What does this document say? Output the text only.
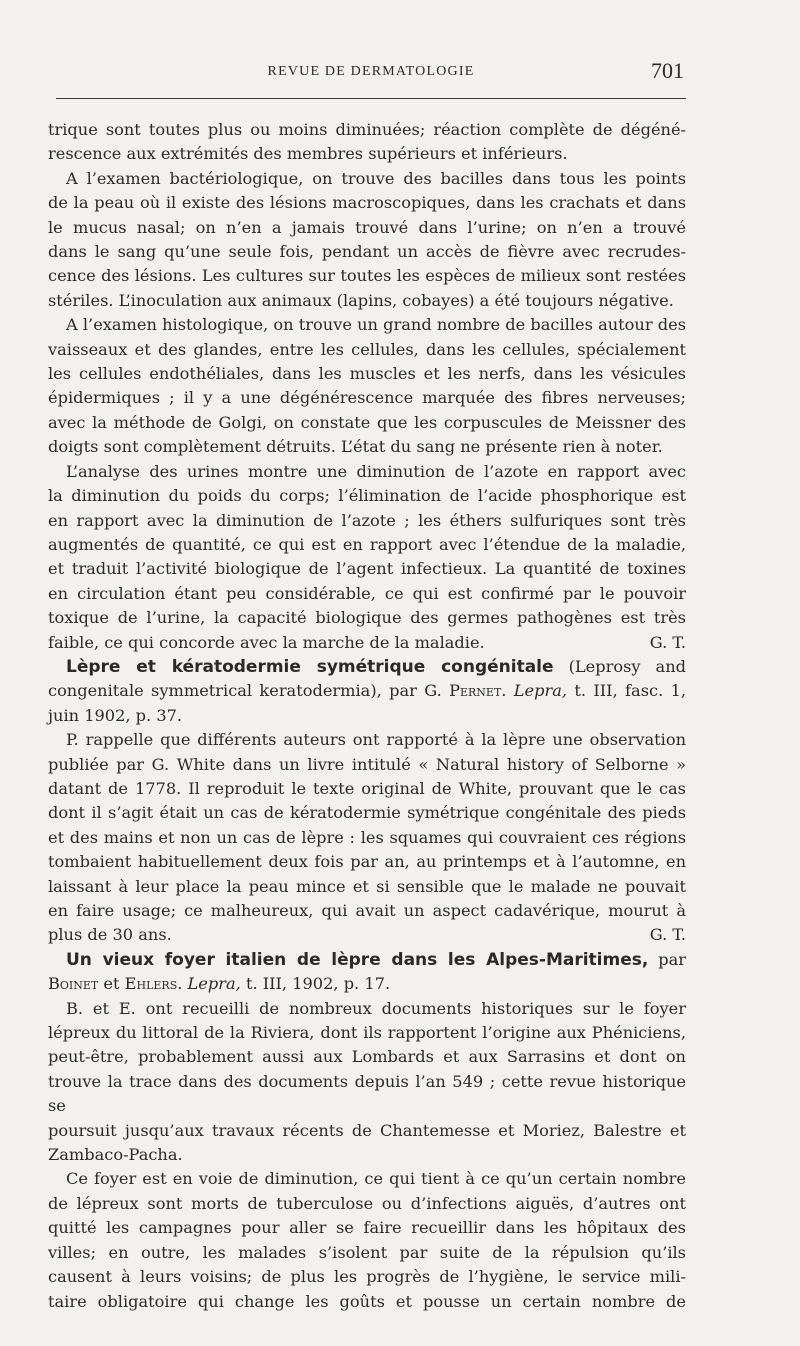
REVUE DE DERMATOLOGIE	701

trique sont toutes plus ou moins diminuées; réaction complète de dégéné-

rescence aux extrémités des membres supérieurs et inférieurs.

A l’examen bactériologique, on trouve des bacilles dans tous les points

de la peau où il existe des lésions macroscopiques, dans les crachats et dans

le mucus nasal; on n’en a jamais trouvé dans l’urine; on n’en a trouvé

dans le sang qu’une seule fois, pendant un accès de fièvre avec recrudes-

cence des lésions. Les cultures sur toutes les espèces de milieux sont restées

stériles. L’inoculation aux animaux (lapins, cobayes) a été toujours négative.

A l’examen histologique, on trouve un grand nombre de bacilles autour des

vaisseaux et des glandes, entre les cellules, dans les cellules, spécialement

les cellules endothéliales, dans les muscles et les nerfs, dans les vésicules

épidermiques ; il y a une dégénérescence marquée des fibres nerveuses;

avec la méthode de Golgi, on constate que les corpuscules de Meissner des

doigts sont complètement détruits. L’état du sang ne présente rien à noter.

L’analyse des urines montre une diminution de l’azote en rapport avec

la diminution du poids du corps; l’élimination de l’acide phosphorique est

en rapport avec la diminution de l’azote ; les éthers sulfuriques sont très

augmentés de quantité, ce qui est en rapport avec l’étendue de la maladie,

et traduit l’activité biologique de l’agent infectieux. La quantité de toxines

en circulation étant peu considérable, ce qui est confirmé par le pouvoir

toxique de l’urine, la capacité biologique des germes pathogènes est très

faible, ce qui concorde avec la marche de la maladie.	G. T.

Lèpre et kératodermie symétrique congénitale (Leprosy and

congenitale symmetrical keratodermia), par G. Pernet. Lepra, t. III, fasc. 1,

juin 1902, p. 37.

P. rappelle que différents auteurs ont rapporté à la lèpre une observation

publiée par G. White dans un livre intitulé « Natural history of Selborne »

datant de 1778. Il reproduit le texte original de White, prouvant que le cas

dont il s’agit était un cas de kératodermie symétrique congénitale des pieds

et des mains et non un cas de lèpre : les squames qui couvraient ces régions

tombaient habituellement deux fois par an, au printemps et à l’automne, en

laissant à leur place la peau mince et si sensible que le malade ne pouvait

en faire usage; ce malheureux, qui avait un aspect cadavérique, mourut à

plus de 30 ans.	G. T.

Un vieux foyer italien de lèpre dans les Alpes-Maritimes, par

Boinet et Ehlers. Lepra, t. III, 1902, p. 17.

B. et E. ont recueilli de nombreux documents historiques sur le foyer

lépreux du littoral de la Riviera, dont ils rapportent l’origine aux Phéniciens,

peut-être, probablement aussi aux Lombards et aux Sarrasins et dont on

trouve la trace dans des documents depuis l’an 549 ; cette revue historique se

poursuit jusqu’aux travaux récents de Chantemesse et Moriez, Balestre et

Zambaco-Pacha.

Ce foyer est en voie de diminution, ce qui tient à ce qu’un certain nombre

de lépreux sont morts de tuberculose ou d’infections aiguës, d’autres ont

quitté les campagnes pour aller se faire recueillir dans les hôpitaux des

villes; en outre, les malades s’isolent par suite de la répulsion qu’ils

causent à leurs voisins; de plus les progrès de l’hygiène, le service mili-

taire obligatoire qui change les goûts et pousse un certain nombre de
